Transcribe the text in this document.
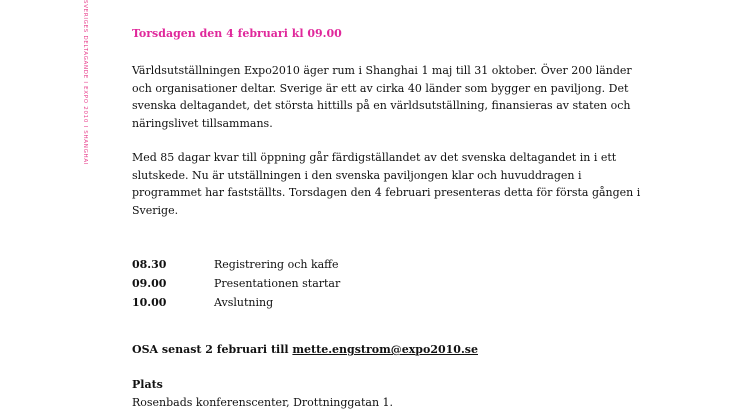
SVERIGES DELTAGANDE I EXPO 2010 I SHANGHAI	Torsdagen den 4 februari kl 09.00

Världsutställningen Expo2010 äger rum i Shanghai 1 maj till 31 oktober. Över 200 länder och organisationer deltar. Sverige är ett av cirka 40 länder som bygger en paviljong. Det svenska deltagandet, det största hittills på en världsutställning, finansieras av staten och näringslivet tillsammans.

Med 85 dagar kvar till öppning går färdigställandet av det svenska deltagandet in i ett slutskede. Nu är utställningen i den svenska paviljongen klar och huvuddragen i programmet har fastställts. Torsdagen den 4 februari presenteras detta för första gången i Sverige.

08.30	Registrering och kaffe
09.00	Presentationen startar
10.00	Avslutning

OSA senast 2 februari till mette.engstrom@expo2010.se

Plats

Rosenbads konferenscenter, Drottninggatan 1.
